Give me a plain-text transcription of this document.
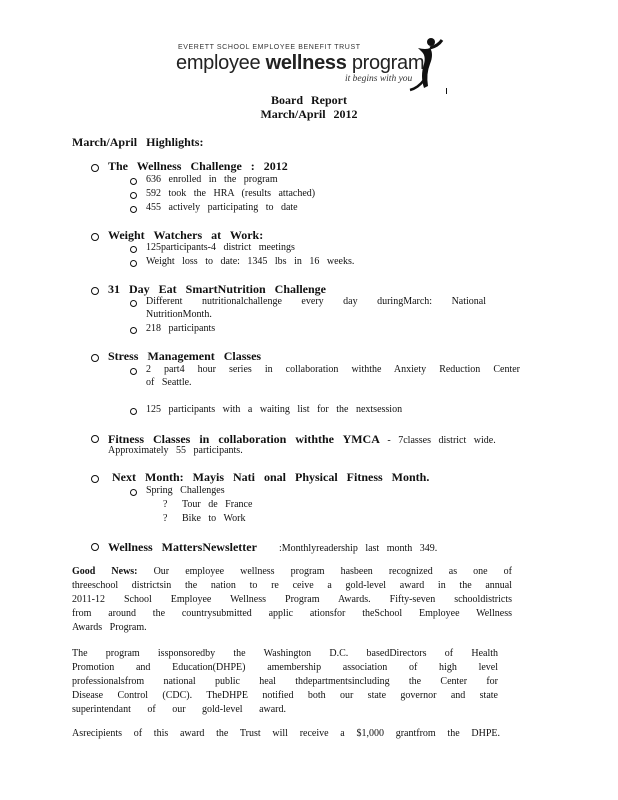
EVERETT SCHOOL EMPLOYEE BENEFIT TRUST
employee wellness program
it begins with you
Board Report
March/April 2012
March/April Highlights:
The Wellness Challenge : 2012
636 enrolled in the program
592 took the HRA (results attached)
455 actively participating to date
Weight Watchers at Work:
125participants-4 district meetings
Weight loss to date: 1345 lbs in 16 weeks.
31 Day Eat SmartNutrition Challenge
Different nutritionalchallenge every day duringMarch: National
NutritionMonth.
218 participants
Stress Management Classes
2 part4 hour series in collaboration withthe Anxiety Reduction Center
of Seattle.
125 participants with a waiting list for the nextsession
Fitness Classes in collaboration withthe YMCA - 7classes district wide.
Approximately 55 participants.
Next Month: Mayis Nati onal Physical Fitness Month.
Spring Challenges
? Tour de France
? Bike to Work
Wellness MattersNewsletter :Monthlyreadership last month 349.
Good News: Our employee wellness program hasbeen recognized as one of
threeschool districtsin the nation to re ceive a gold-level award in the annual
2011-12 School Employee Wellness Program Awards. Fifty-seven schooldistricts
from around the countrysubmitted applic ationsfor theSchool Employee Wellness
Awards Program.
The program issponsoredby the Washington D.C. basedDirectors of Health
Promotion and Education(DHPE) amembership association of high level
professionalsfrom national public heal thdepartmentsincluding the Center for
Disease Control (CDC). TheDHPE notified both our state governor and state
superintendant of our gold-level award.
Asrecipients of this award the Trust will receive a $1,000 grantfrom the DHPE.
